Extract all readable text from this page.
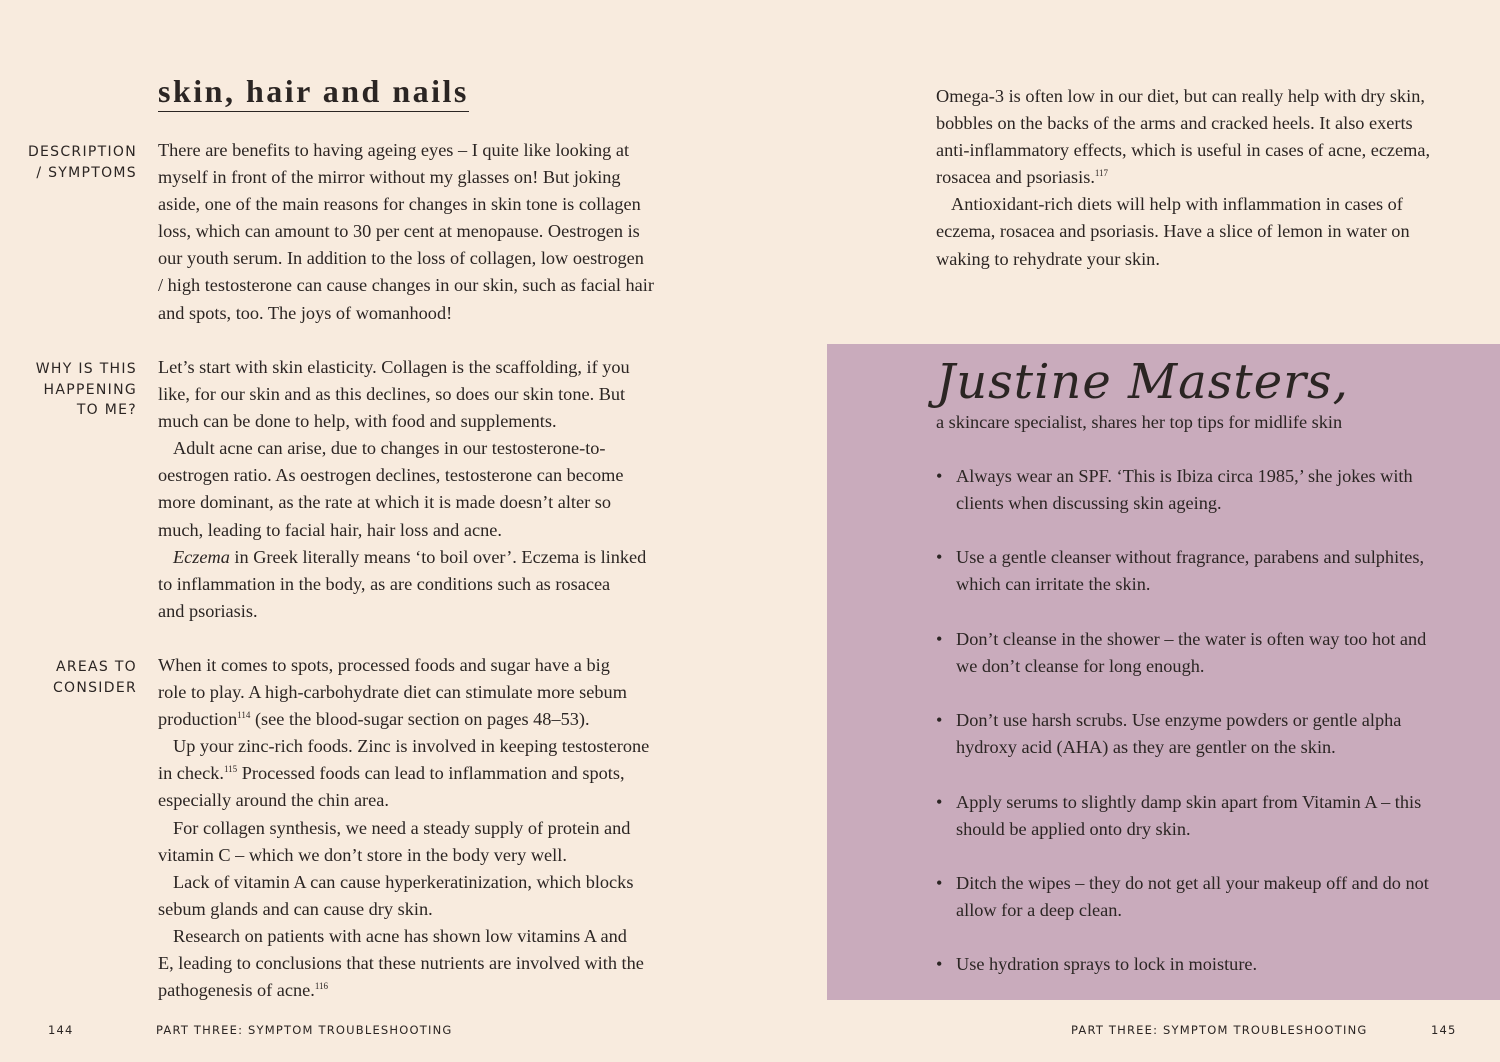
skin, hair and nails
DESCRIPTION
/ SYMPTOMS
WHY IS THIS
HAPPENING
TO ME?
AREAS TO
CONSIDER
There are benefits to having ageing eyes – I quite like looking at
myself in front of the mirror without my glasses on! But joking
aside, one of the main reasons for changes in skin tone is collagen
loss, which can amount to 30 per cent at menopause. Oestrogen is
our youth serum. In addition to the loss of collagen, low oestrogen
/ high testosterone can cause changes in our skin, such as facial hair
and spots, too. The joys of womanhood!
Let’s start with skin elasticity. Collagen is the scaffolding, if you
like, for our skin and as this declines, so does our skin tone. But
much can be done to help, with food and supplements.
Adult acne can arise, due to changes in our testosterone-to-
oestrogen ratio. As oestrogen declines, testosterone can become
more dominant, as the rate at which it is made doesn’t alter so
much, leading to facial hair, hair loss and acne.
Eczema in Greek literally means ‘to boil over’. Eczema is linked
to inflammation in the body, as are conditions such as rosacea
and psoriasis.
When it comes to spots, processed foods and sugar have a big
role to play. A high-carbohydrate diet can stimulate more sebum
production$^{114}$ (see the blood-sugar section on pages 48–53).
Up your zinc-rich foods. Zinc is involved in keeping testosterone
in check.$^{115}$ Processed foods can lead to inflammation and spots,
especially around the chin area.
For collagen synthesis, we need a steady supply of protein and
vitamin C – which we don’t store in the body very well.
Lack of vitamin A can cause hyperkeratinization, which blocks
sebum glands and can cause dry skin.
Research on patients with acne has shown low vitamins A and
E, leading to conclusions that these nutrients are involved with the
pathogenesis of acne.$^{116}$
144	PART THREE: SYMPTOM TROUBLESHOOTING
Omega-3 is often low in our diet, but can really help with dry skin,
bobbles on the backs of the arms and cracked heels. It also exerts
anti-inflammatory effects, which is useful in cases of acne, eczema,
rosacea and psoriasis.$^{117}$
Antioxidant-rich diets will help with inflammation in cases of
eczema, rosacea and psoriasis. Have a slice of lemon in water on
waking to rehydrate your skin.
Justine Masters,
a skincare specialist, shares her top tips for midlife skin
• Always wear an SPF. ‘This is Ibiza circa 1985,’ she jokes with
clients when discussing skin ageing.
• Use a gentle cleanser without fragrance, parabens and sulphites,
which can irritate the skin.
• Don’t cleanse in the shower – the water is often way too hot and
we don’t cleanse for long enough.
• Don’t use harsh scrubs. Use enzyme powders or gentle alpha
hydroxy acid (AHA) as they are gentler on the skin.
• Apply serums to slightly damp skin apart from Vitamin A – this
should be applied onto dry skin.
• Ditch the wipes – they do not get all your makeup off and do not
allow for a deep clean.
• Use hydration sprays to lock in moisture.
PART THREE: SYMPTOM TROUBLESHOOTING	145
